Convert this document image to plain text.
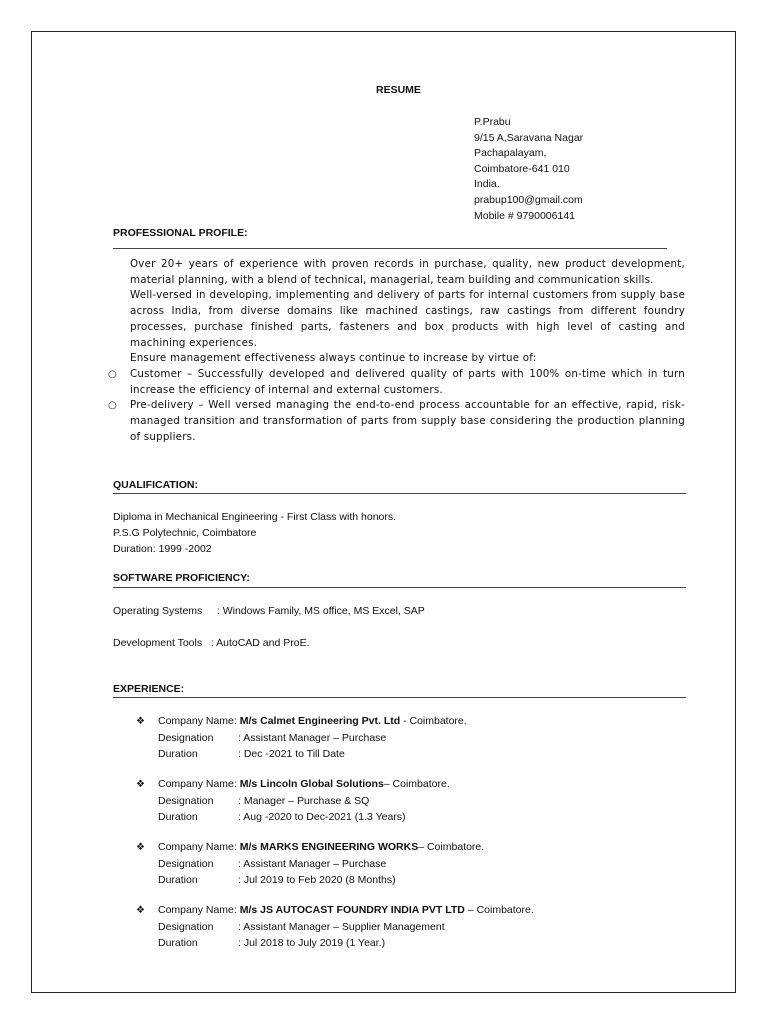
RESUME
P.Prabu
9/15 A,Saravana Nagar
Pachapalayam,
Coimbatore-641 010
India.
prabup100@gmail.com
Mobile # 9790006141
PROFESSIONAL PROFILE:

Over 20+ years of experience with proven records in purchase, quality, new product development, material planning, with a blend of technical, managerial, team building and communication skills.

Well-versed in developing, implementing and delivery of parts for internal customers from supply base across India, from diverse domains like machined castings, raw castings from different foundry processes, purchase finished parts, fasteners and box products with high level of casting and machining experiences.

Ensure management effectiveness always continue to increase by virtue of:

○ Customer – Successfully developed and delivered quality of parts with 100% on-time which in turn increase the efficiency of internal and external customers.

○ Pre-delivery – Well versed managing the end-to-end process accountable for an effective, rapid, risk-managed transition and transformation of parts from supply base considering the production planning of suppliers.

QUALIFICATION:
Diploma in Mechanical Engineering - First Class with honors.
P.S.G Polytechnic, Coimbatore
Duration: 1999 -2002
SOFTWARE PROFICIENCY:
Operating Systems     : Windows Family, MS office, MS Excel, SAP
Development Tools   : AutoCAD and ProE.
EXPERIENCE:
❖ Company Name: M/s Calmet Engineering Pvt. Ltd - Coimbatore.
Designation : Assistant Manager – Purchase
Duration	: Dec -2021 to Till Date
❖ Company Name: M/s Lincoln Global Solutions– Coimbatore.
Designation : Manager – Purchase & SQ
Duration	: Aug -2020 to Dec-2021 (1.3 Years)
❖ Company Name: M/s MARKS ENGINEERING WORKS– Coimbatore.
Designation : Assistant Manager – Purchase
Duration	: Jul 2019 to Feb 2020 (8 Months)
❖ Company Name: M/s JS AUTOCAST FOUNDRY INDIA PVT LTD – Coimbatore.
Designation : Assistant Manager – Supplier Management
Duration	: Jul 2018 to July 2019 (1 Year.)
